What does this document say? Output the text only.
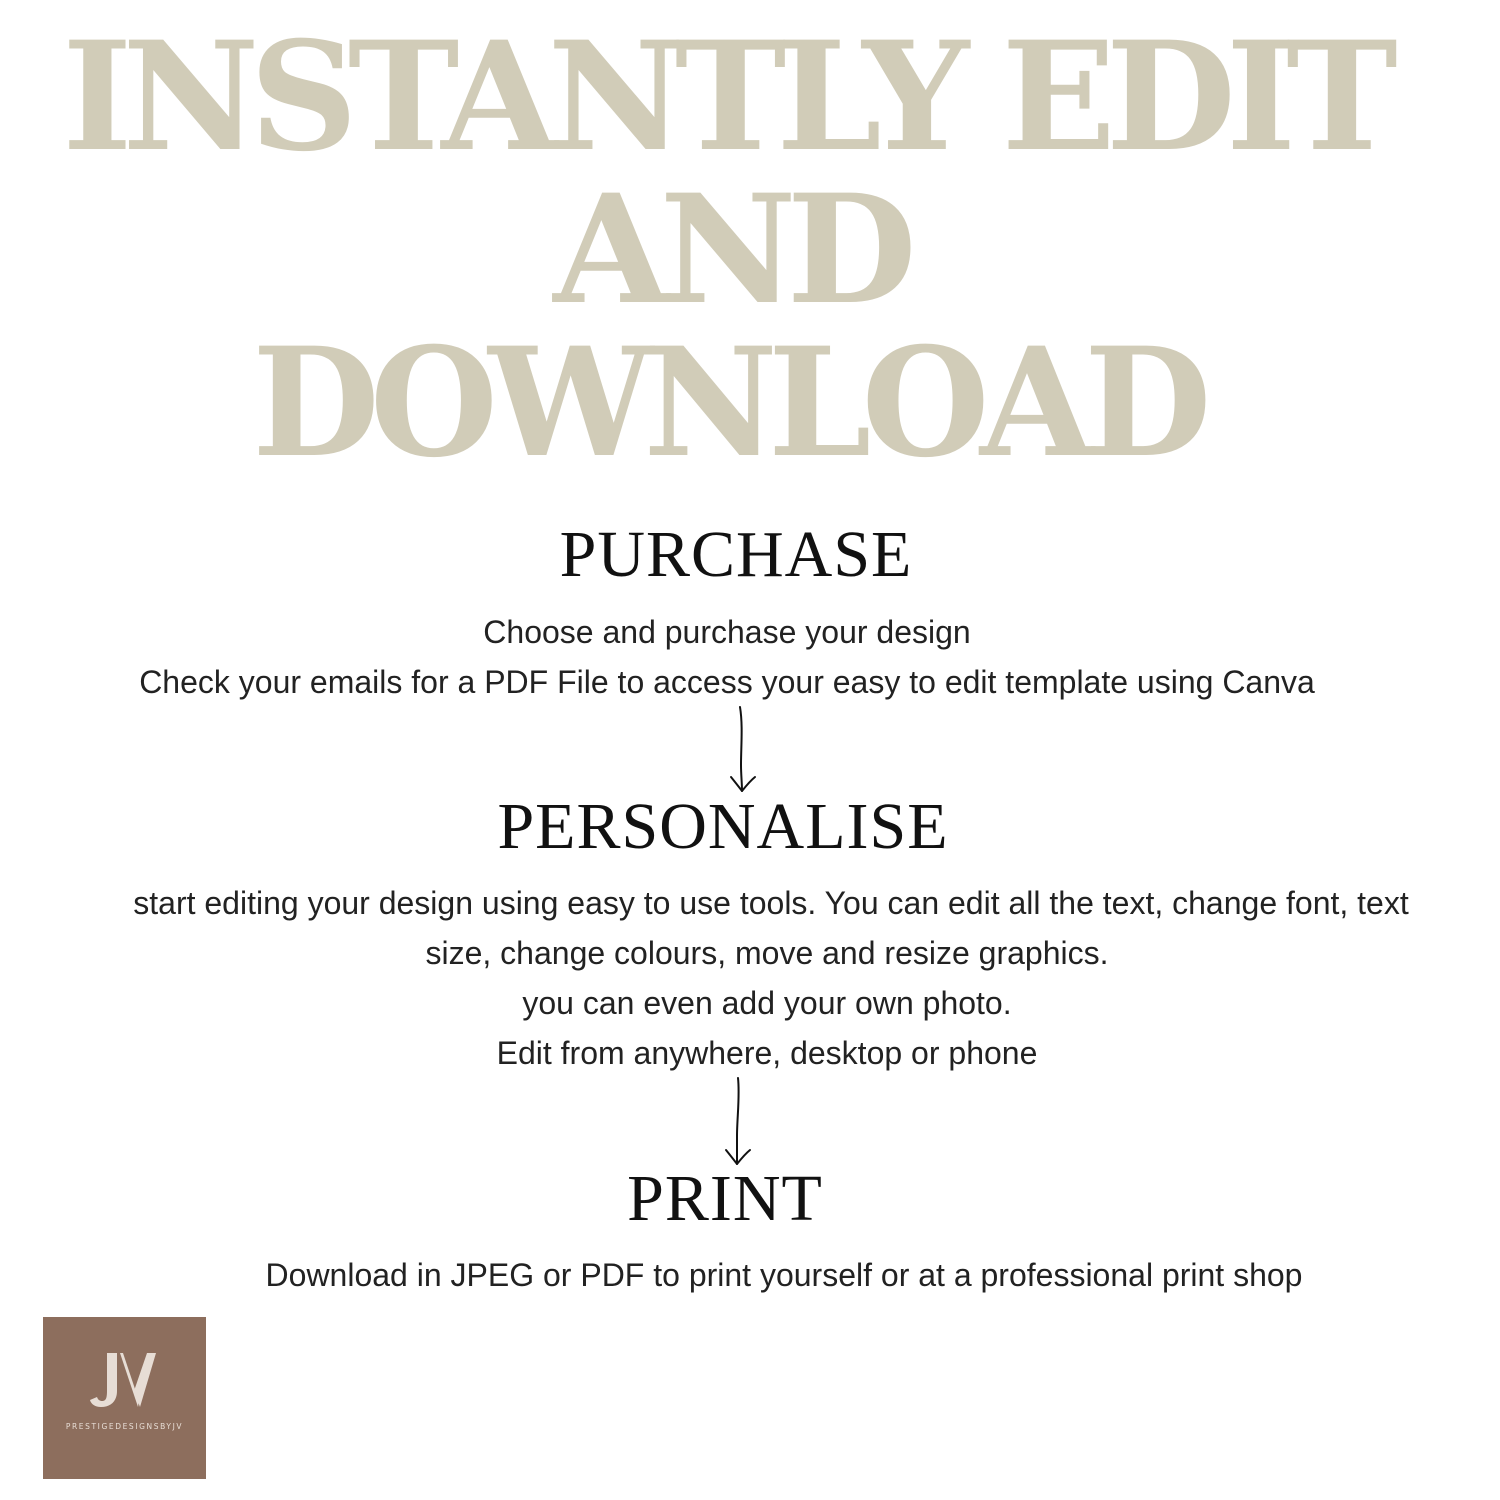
INSTANTLY EDIT
AND
DOWNLOAD
PURCHASE
Choose and purchase your design
Check your emails for a PDF File to access your easy to edit template using Canva
PERSONALISE
start editing your design using easy to use tools. You can edit all the text, change font, text
size, change colours, move and resize graphics.
you can even add your own photo.
Edit from anywhere, desktop or phone
PRINT
Download in JPEG or PDF to print yourself or at a professional print shop
PRESTIGEDESIGNSBYJV
